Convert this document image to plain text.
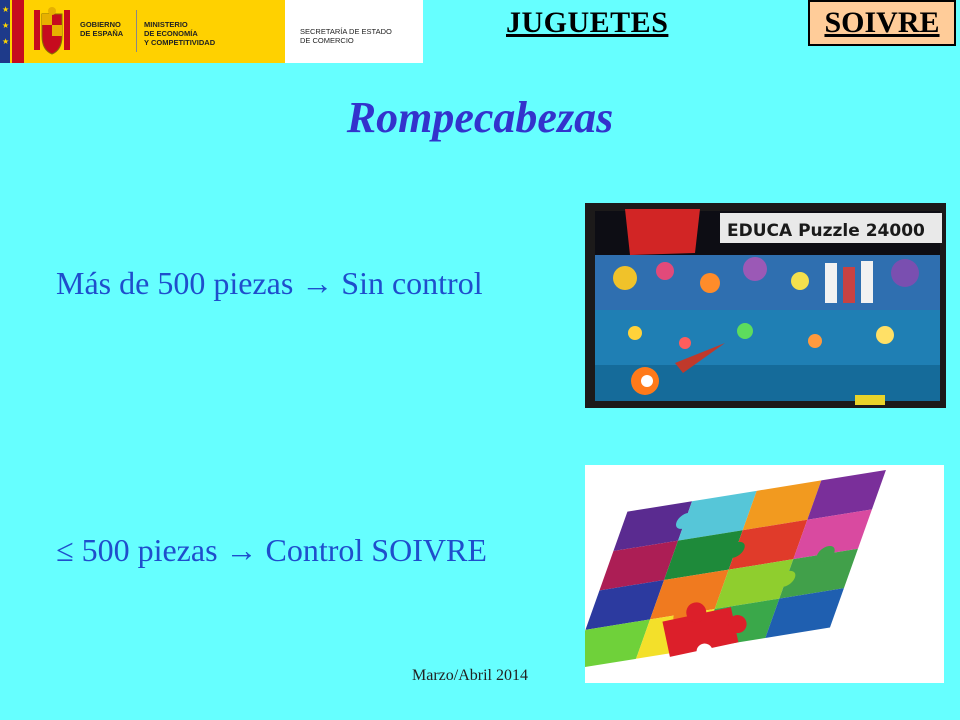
★
★
★
GOBIERNO
DE ESPAÑA
MINISTERIO
DE ECONOMÍA
Y COMPETITIVIDAD
SECRETARÍA DE ESTADO
DE COMERCIO
JUGUETES	SOIVRE
Rompecabezas
Más de 500 piezas → Sin control
≤ 500 piezas → Control SOIVRE
EDUCA Puzzle 24000
Marzo/Abril 2014
